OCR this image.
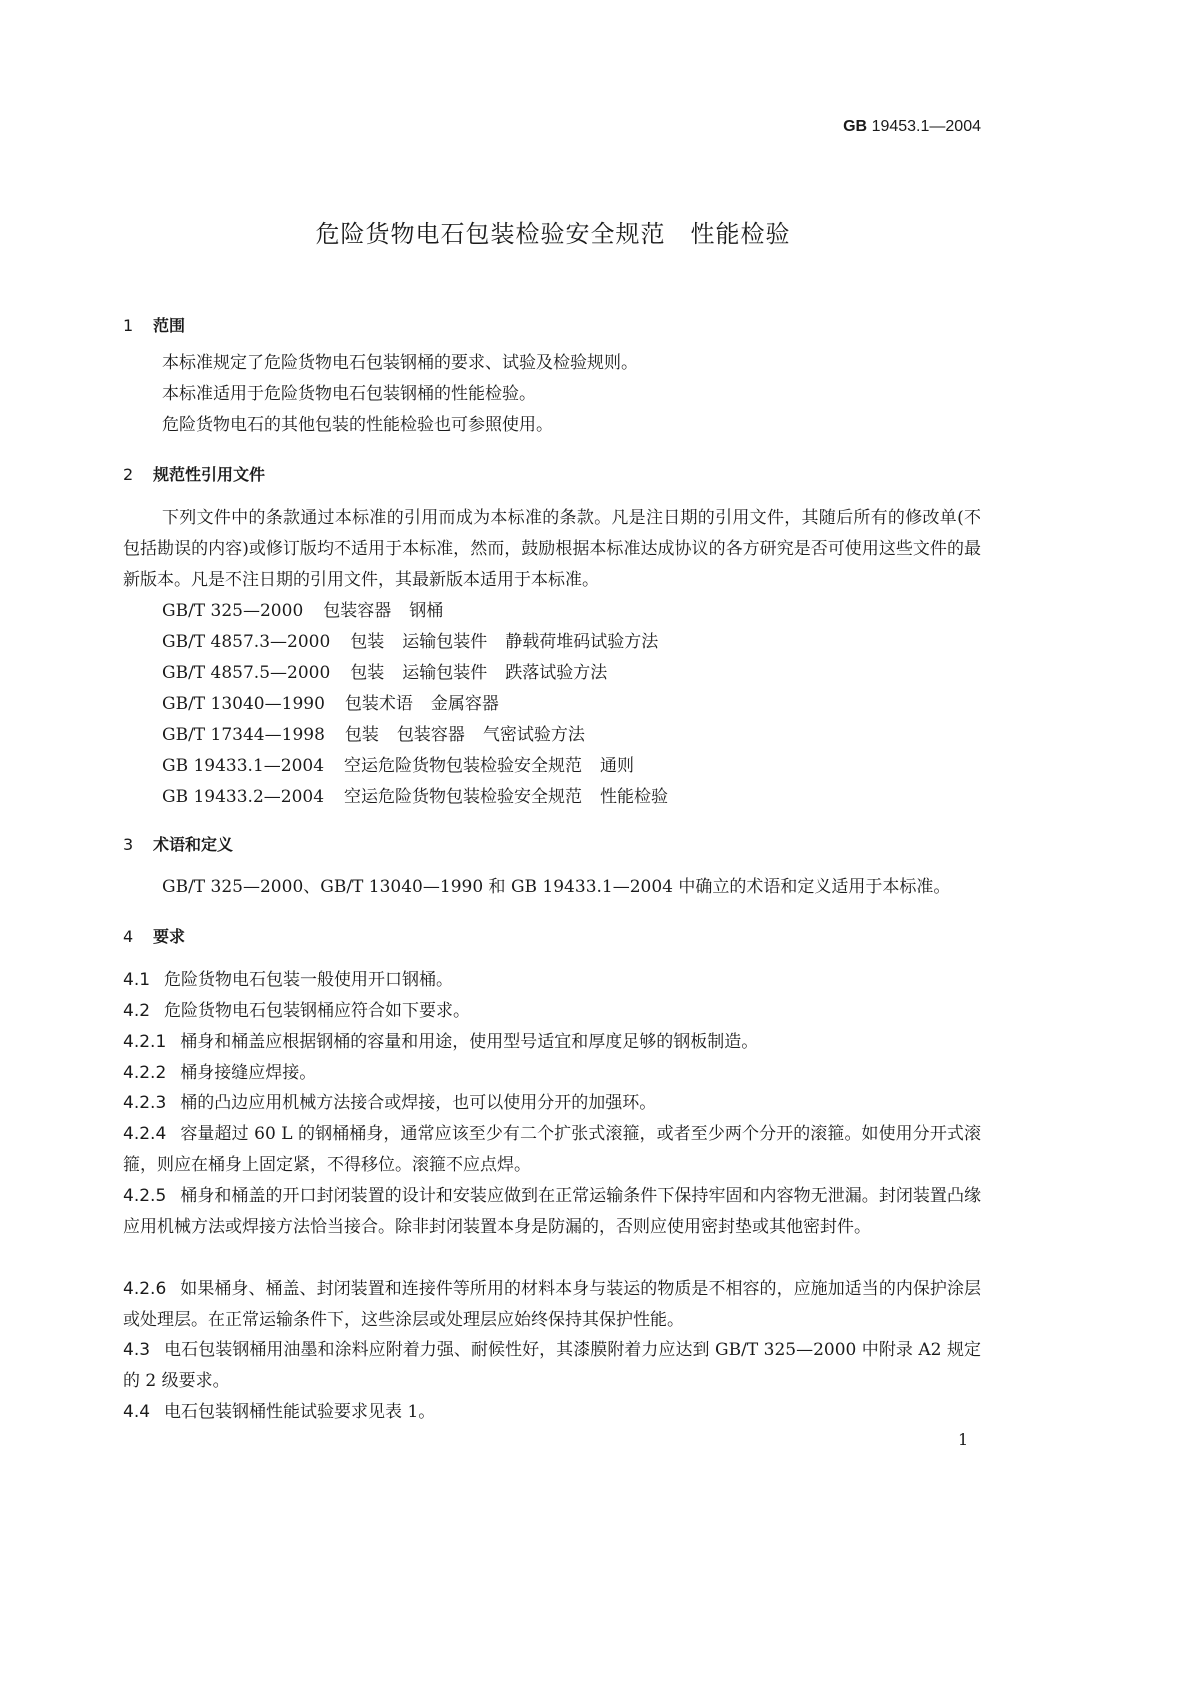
GB 19453.1—2004
危险货物电石包装检验安全规范　性能检验
1 范围
本标准规定了危险货物电石包装钢桶的要求、试验及检验规则。
本标准适用于危险货物电石包装钢桶的性能检验。
危险货物电石的其他包装的性能检验也可参照使用。
2 规范性引用文件
下列文件中的条款通过本标准的引用而成为本标准的条款。凡是注日期的引用文件，其随后所有的修改单(不包括勘误的内容)或修订版均不适用于本标准，然而，鼓励根据本标准达成协议的各方研究是否可使用这些文件的最新版本。凡是不注日期的引用文件，其最新版本适用于本标准。
GB/T 325—2000 包装容器 钢桶
GB/T 4857.3—2000 包装 运输包装件 静载荷堆码试验方法
GB/T 4857.5—2000 包装 运输包装件 跌落试验方法
GB/T 13040—1990 包装术语 金属容器
GB/T 17344—1998 包装 包装容器 气密试验方法
GB 19433.1—2004 空运危险货物包装检验安全规范 通则
GB 19433.2—2004 空运危险货物包装检验安全规范 性能检验
3 术语和定义
GB/T 325—2000、GB/T 13040—1990 和 GB 19433.1—2004 中确立的术语和定义适用于本标准。
4 要求
4.1 危险货物电石包装一般使用开口钢桶。
4.2 危险货物电石包装钢桶应符合如下要求。
4.2.1 桶身和桶盖应根据钢桶的容量和用途，使用型号适宜和厚度足够的钢板制造。
4.2.2 桶身接缝应焊接。
4.2.3 桶的凸边应用机械方法接合或焊接，也可以使用分开的加强环。
4.2.4 容量超过 60 L 的钢桶桶身，通常应该至少有二个扩张式滚箍，或者至少两个分开的滚箍。如使用分开式滚箍，则应在桶身上固定紧，不得移位。滚箍不应点焊。
4.2.5 桶身和桶盖的开口封闭装置的设计和安装应做到在正常运输条件下保持牢固和内容物无泄漏。封闭装置凸缘应用机械方法或焊接方法恰当接合。除非封闭装置本身是防漏的，否则应使用密封垫或其他密封件。
4.2.6 如果桶身、桶盖、封闭装置和连接件等所用的材料本身与装运的物质是不相容的，应施加适当的内保护涂层或处理层。在正常运输条件下，这些涂层或处理层应始终保持其保护性能。
4.3 电石包装钢桶用油墨和涂料应附着力强、耐候性好，其漆膜附着力应达到 GB/T 325—2000 中附录 A2 规定的 2 级要求。
4.4 电石包装钢桶性能试验要求见表 1。
1
